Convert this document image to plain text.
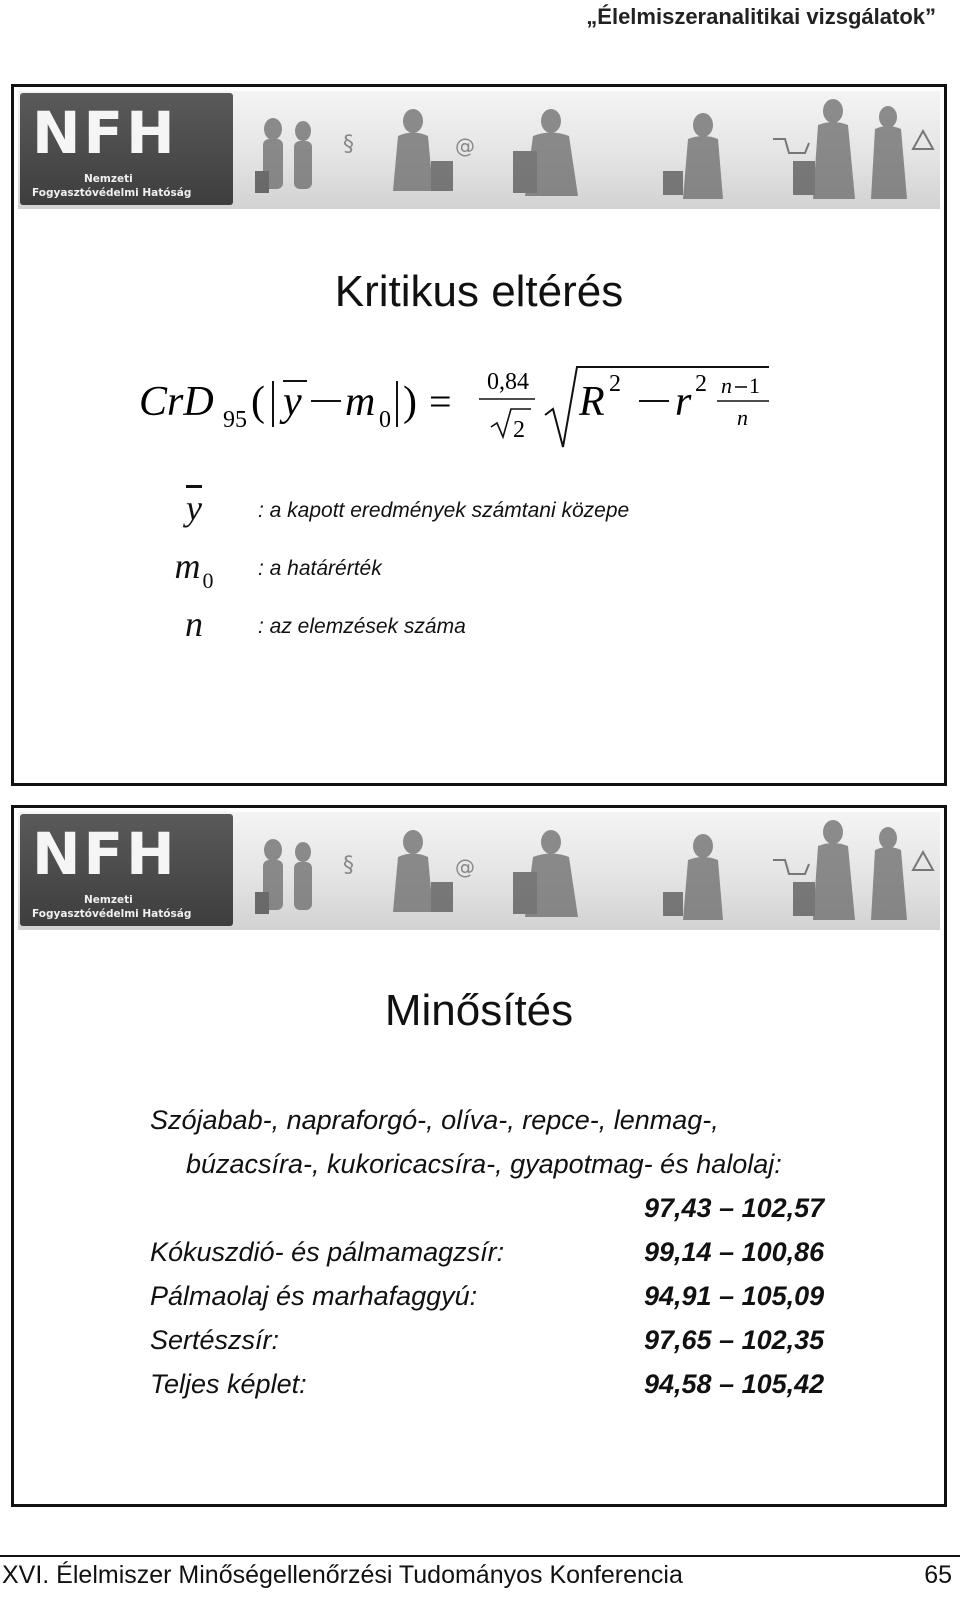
„Élelmiszeranalitikai vizsgálatok”
NFH
Nemzeti
Fogyasztóvédelmi Hatóság
@
§
Kritikus eltérés
CrD 95 ( y m 0 ) = 0,84
2
R 2 r 2 n 1
n
$\overline{y}$	: a kapott eredmények számtani közepe
$m_0$	: a határérték
n	: az elemzések száma
NFH
Nemzeti
Fogyasztóvédelmi Hatóság
@
§
Minősítés
Szójabab-, napraforgó-, olíva-, repce-, lenmag-,
búzacsíra-, kukoricacsíra-, gyapotmag- és halolaj:
97,43 – 102,57
Kókuszdió- és pálmamagzsír:	99,14 – 100,86
Pálmaolaj és marhafaggyú:	94,91 – 105,09
Sertészsír:	97,65 – 102,35
Teljes képlet:	94,58 – 105,42
XVI. Élelmiszer Minőségellenőrzési Tudományos Konferencia	65
